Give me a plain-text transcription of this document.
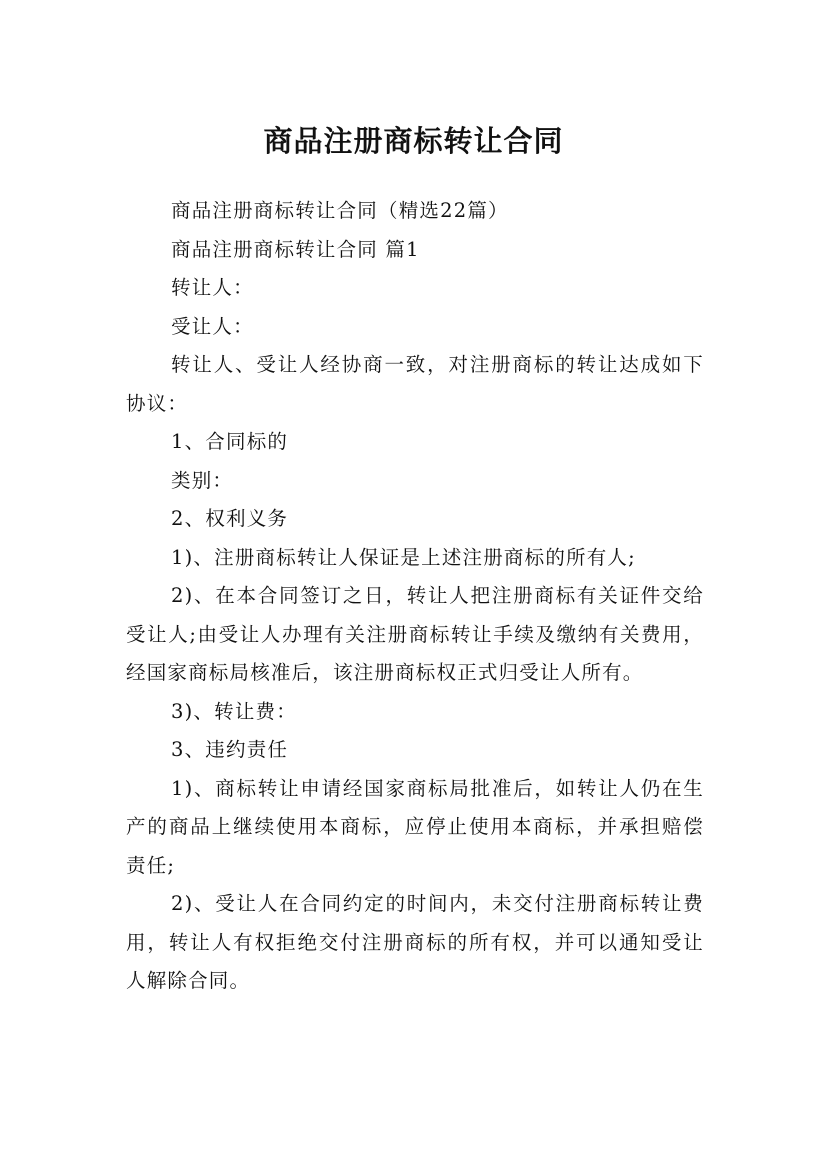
商品注册商标转让合同

商品注册商标转让合同（精选22篇）

商品注册商标转让合同 篇1

转让人：

受让人：

转让人、受让人经协商一致，对注册商标的转让达成如下协议：

1、合同标的

类别：

2、权利义务

1)、注册商标转让人保证是上述注册商标的所有人;

2)、在本合同签订之日，转让人把注册商标有关证件交给受让人;由受让人办理有关注册商标转让手续及缴纳有关费用，经国家商标局核准后，该注册商标权正式归受让人所有。

3)、转让费：

3、违约责任

1)、商标转让申请经国家商标局批准后，如转让人仍在生产的商品上继续使用本商标，应停止使用本商标，并承担赔偿责任;

2)、受让人在合同约定的时间内，未交付注册商标转让费用，转让人有权拒绝交付注册商标的所有权，并可以通知受让人解除合同。
